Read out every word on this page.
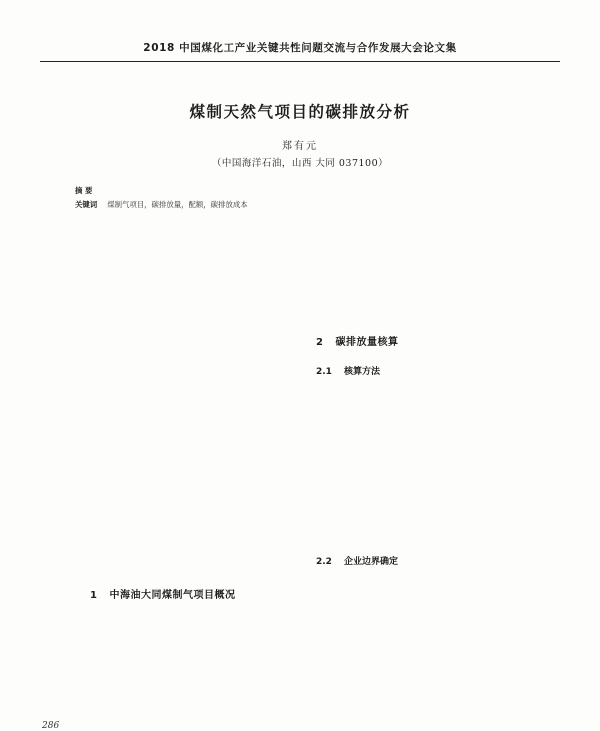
2018 中国煤化工产业关键共性问题交流与合作发展大会论文集
煤制天然气项目的碳排放分析
郑有元
（中国海洋石油，山西 大同 037100）
摘 要
关键词 煤制气项目，碳排放量，配额，碳排放成本
1 中海油大同煤制气项目概况
2 碳排放量核算
2.1 核算方法
2.2 企业边界确定
286
